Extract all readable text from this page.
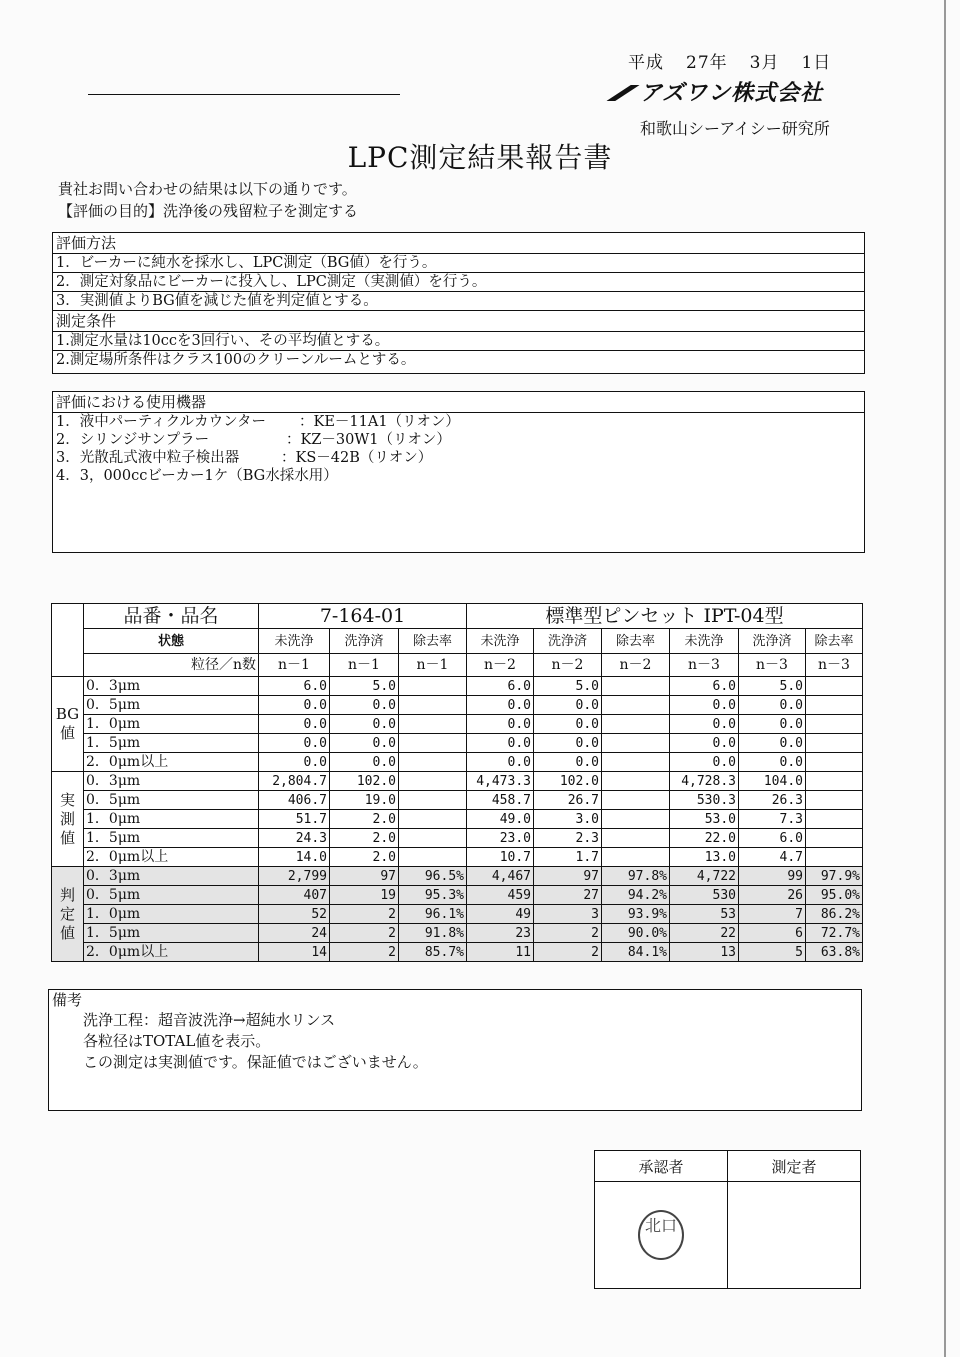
平成 27年 3月 1日
アズワン株式会社
和歌山シーアイシー研究所
LPC測定結果報告書
貴社お問い合わせの結果は以下の通りです。
【評価の目的】洗浄後の残留粒子を測定する
評価方法
1．ビーカーに純水を採水し、LPC測定（BG値）を行う。
2．測定対象品にビーカーに投入し、LPC測定（実測値）を行う。
3．実測値よりBG値を減じた値を判定値とする。
測定条件
1.測定水量は10ccを3回行い、その平均値とする。
2.測定場所条件はクラス100のクリーンルームとする。
評価における使用機器
1．液中パーティクルカウンター ：KE－11A1（リオン）
2．シリンジサンプラー	：KZ－30W1（リオン）
3．光散乱式液中粒子検出器	：KS－42B（リオン）
4．3，000ccビーカー1ケ（BG水採水用）
	品番・品名	7-164-01			標準型ピンセット IPT-04型					
	状態	未洗浄	洗浄済	除去率	未洗浄	洗浄済	除去率	未洗浄	洗浄済	除去率
	粒径／n数	n－1	n－1	n－1	n－2	n－2	n－2	n－3	n－3	n－3
BG値	0．3μm	6.0	5.0		6.0	5.0		6.0	5.0	
	0．5μm	0.0	0.0		0.0	0.0		0.0	0.0	
	1．0μm	0.0	0.0		0.0	0.0		0.0	0.0	
	1．5μm	0.0	0.0		0.0	0.0		0.0	0.0	
	2．0μm以上	0.0	0.0		0.0	0.0		0.0	0.0	
実測値	0．3μm	2,804.7	102.0		4,473.3	102.0		4,728.3	104.0	
	0．5μm	406.7	19.0		458.7	26.7		530.3	26.3	
	1．0μm	51.7	2.0		49.0	3.0		53.0	7.3	
	1．5μm	24.3	2.0		23.0	2.3		22.0	6.0	
	2．0μm以上	14.0	2.0		10.7	1.7		13.0	4.7	
判定値	0．3μm	2,799	97	96.5%	4,467	97	97.8%	4,722	99	97.9%
	0．5μm	407	19	95.3%	459	27	94.2%	530	26	95.0%
	1．0μm	52	2	96.1%	49	3	93.9%	53	7	86.2%
	1．5μm	24	2	91.8%	23	2	90.0%	22	6	72.7%
	2．0μm以上	14	2	85.7%	11	2	84.1%	13	5	63.8%
備考
洗浄工程：超音波洗浄→超純水リンス
各粒径はTOTAL値を表示。
この測定は実測値です。保証値ではございません。
承認者	測定者
北口	
